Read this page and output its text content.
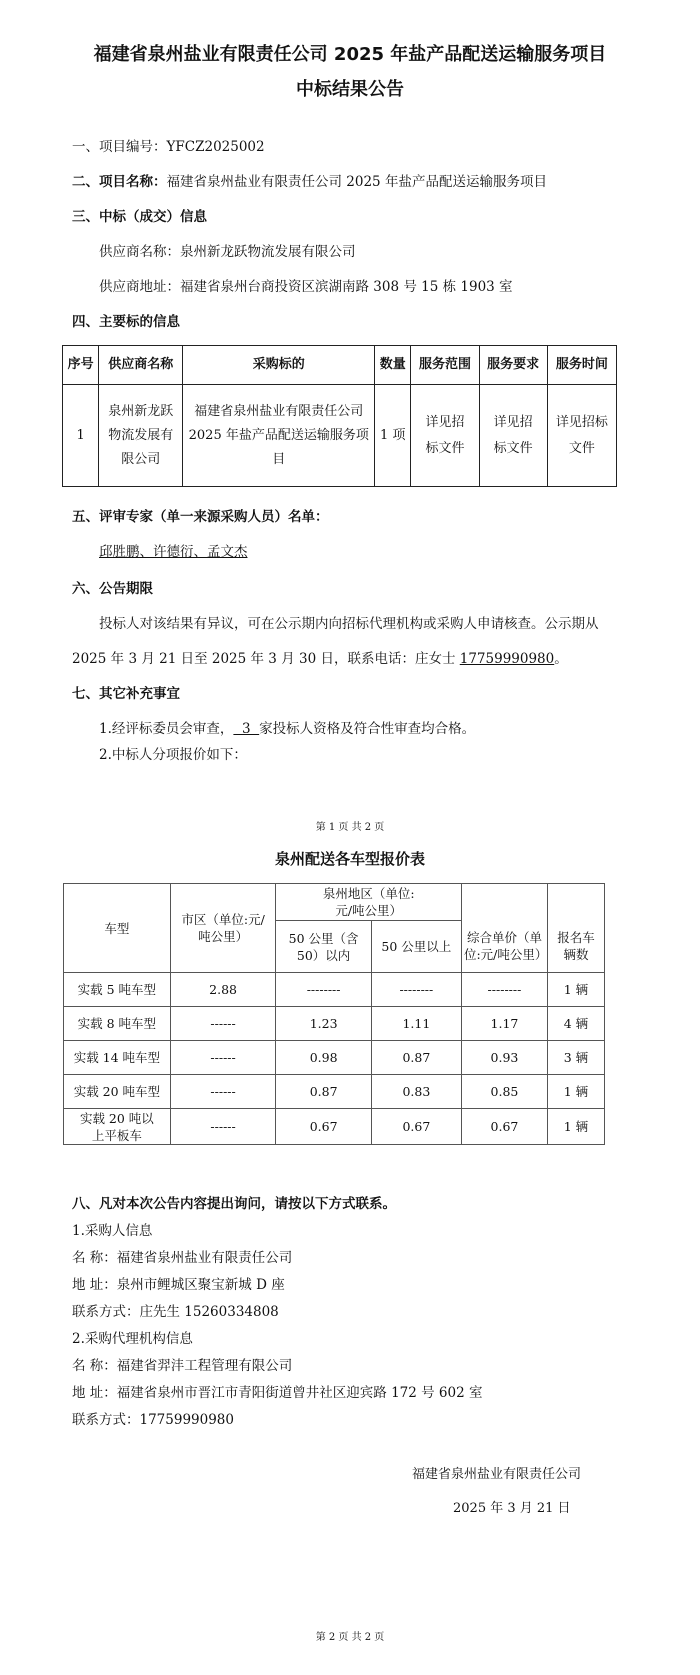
福建省泉州盐业有限责任公司 2025 年盐产品配送运输服务项目
中标结果公告
一、项目编号：YFCZ2025002
二、项目名称：福建省泉州盐业有限责任公司 2025 年盐产品配送运输服务项目
三、中标（成交）信息
供应商名称：泉州新龙跃物流发展有限公司
供应商地址：福建省泉州台商投资区滨湖南路 308 号 15 栋 1903 室
四、主要标的信息
序号	供应商名称	采购标的	数量	服务范围	服务要求	服务时间
1	泉州新龙跃物流发展有限公司	福建省泉州盐业有限责任公司 2025 年盐产品配送运输服务项目	1 项	详见招标文件	详见招标文件	详见招标文件
五、评审专家（单一来源采购人员）名单：
邱胜鹏、许德衍、孟文杰
六、公告期限
投标人对该结果有异议，可在公示期内向招标代理机构或采购人申请核查。公示期从
2025 年 3 月 21 日至 2025 年 3 月 30 日，联系电话：庄女士 17759990980。
七、其它补充事宜
1.经评标委员会审查，  3  家投标人资格及符合性审查均合格。
2.中标人分项报价如下：
第 1 页 共 2 页
泉州配送各车型报价表
车型	市区（单位:元/吨公里）	泉州地区（单位:元/吨公里）			
		50 公里（含 50）以内	50 公里以上	综合单价（单位:元/吨公里）	报名车辆数
实载 5 吨车型	2.88	--------	--------	--------	1 辆
实载 8 吨车型	------	1.23	1.11	1.17	4 辆
实载 14 吨车型	------	0.98	0.87	0.93	3 辆
实载 20 吨车型	------	0.87	0.83	0.85	1 辆
实载 20 吨以上平板车	------	0.67	0.67	0.67	1 辆
八、凡对本次公告内容提出询问，请按以下方式联系。
1.采购人信息
名 称：福建省泉州盐业有限责任公司
地 址：泉州市鲤城区聚宝新城 D 座
联系方式：庄先生 15260334808
2.采购代理机构信息
名 称：福建省羿沣工程管理有限公司
地 址：福建省泉州市晋江市青阳街道曾井社区迎宾路 172 号 602 室
联系方式：17759990980
福建省泉州盐业有限责任公司
2025 年 3 月 21 日
第 2 页 共 2 页
